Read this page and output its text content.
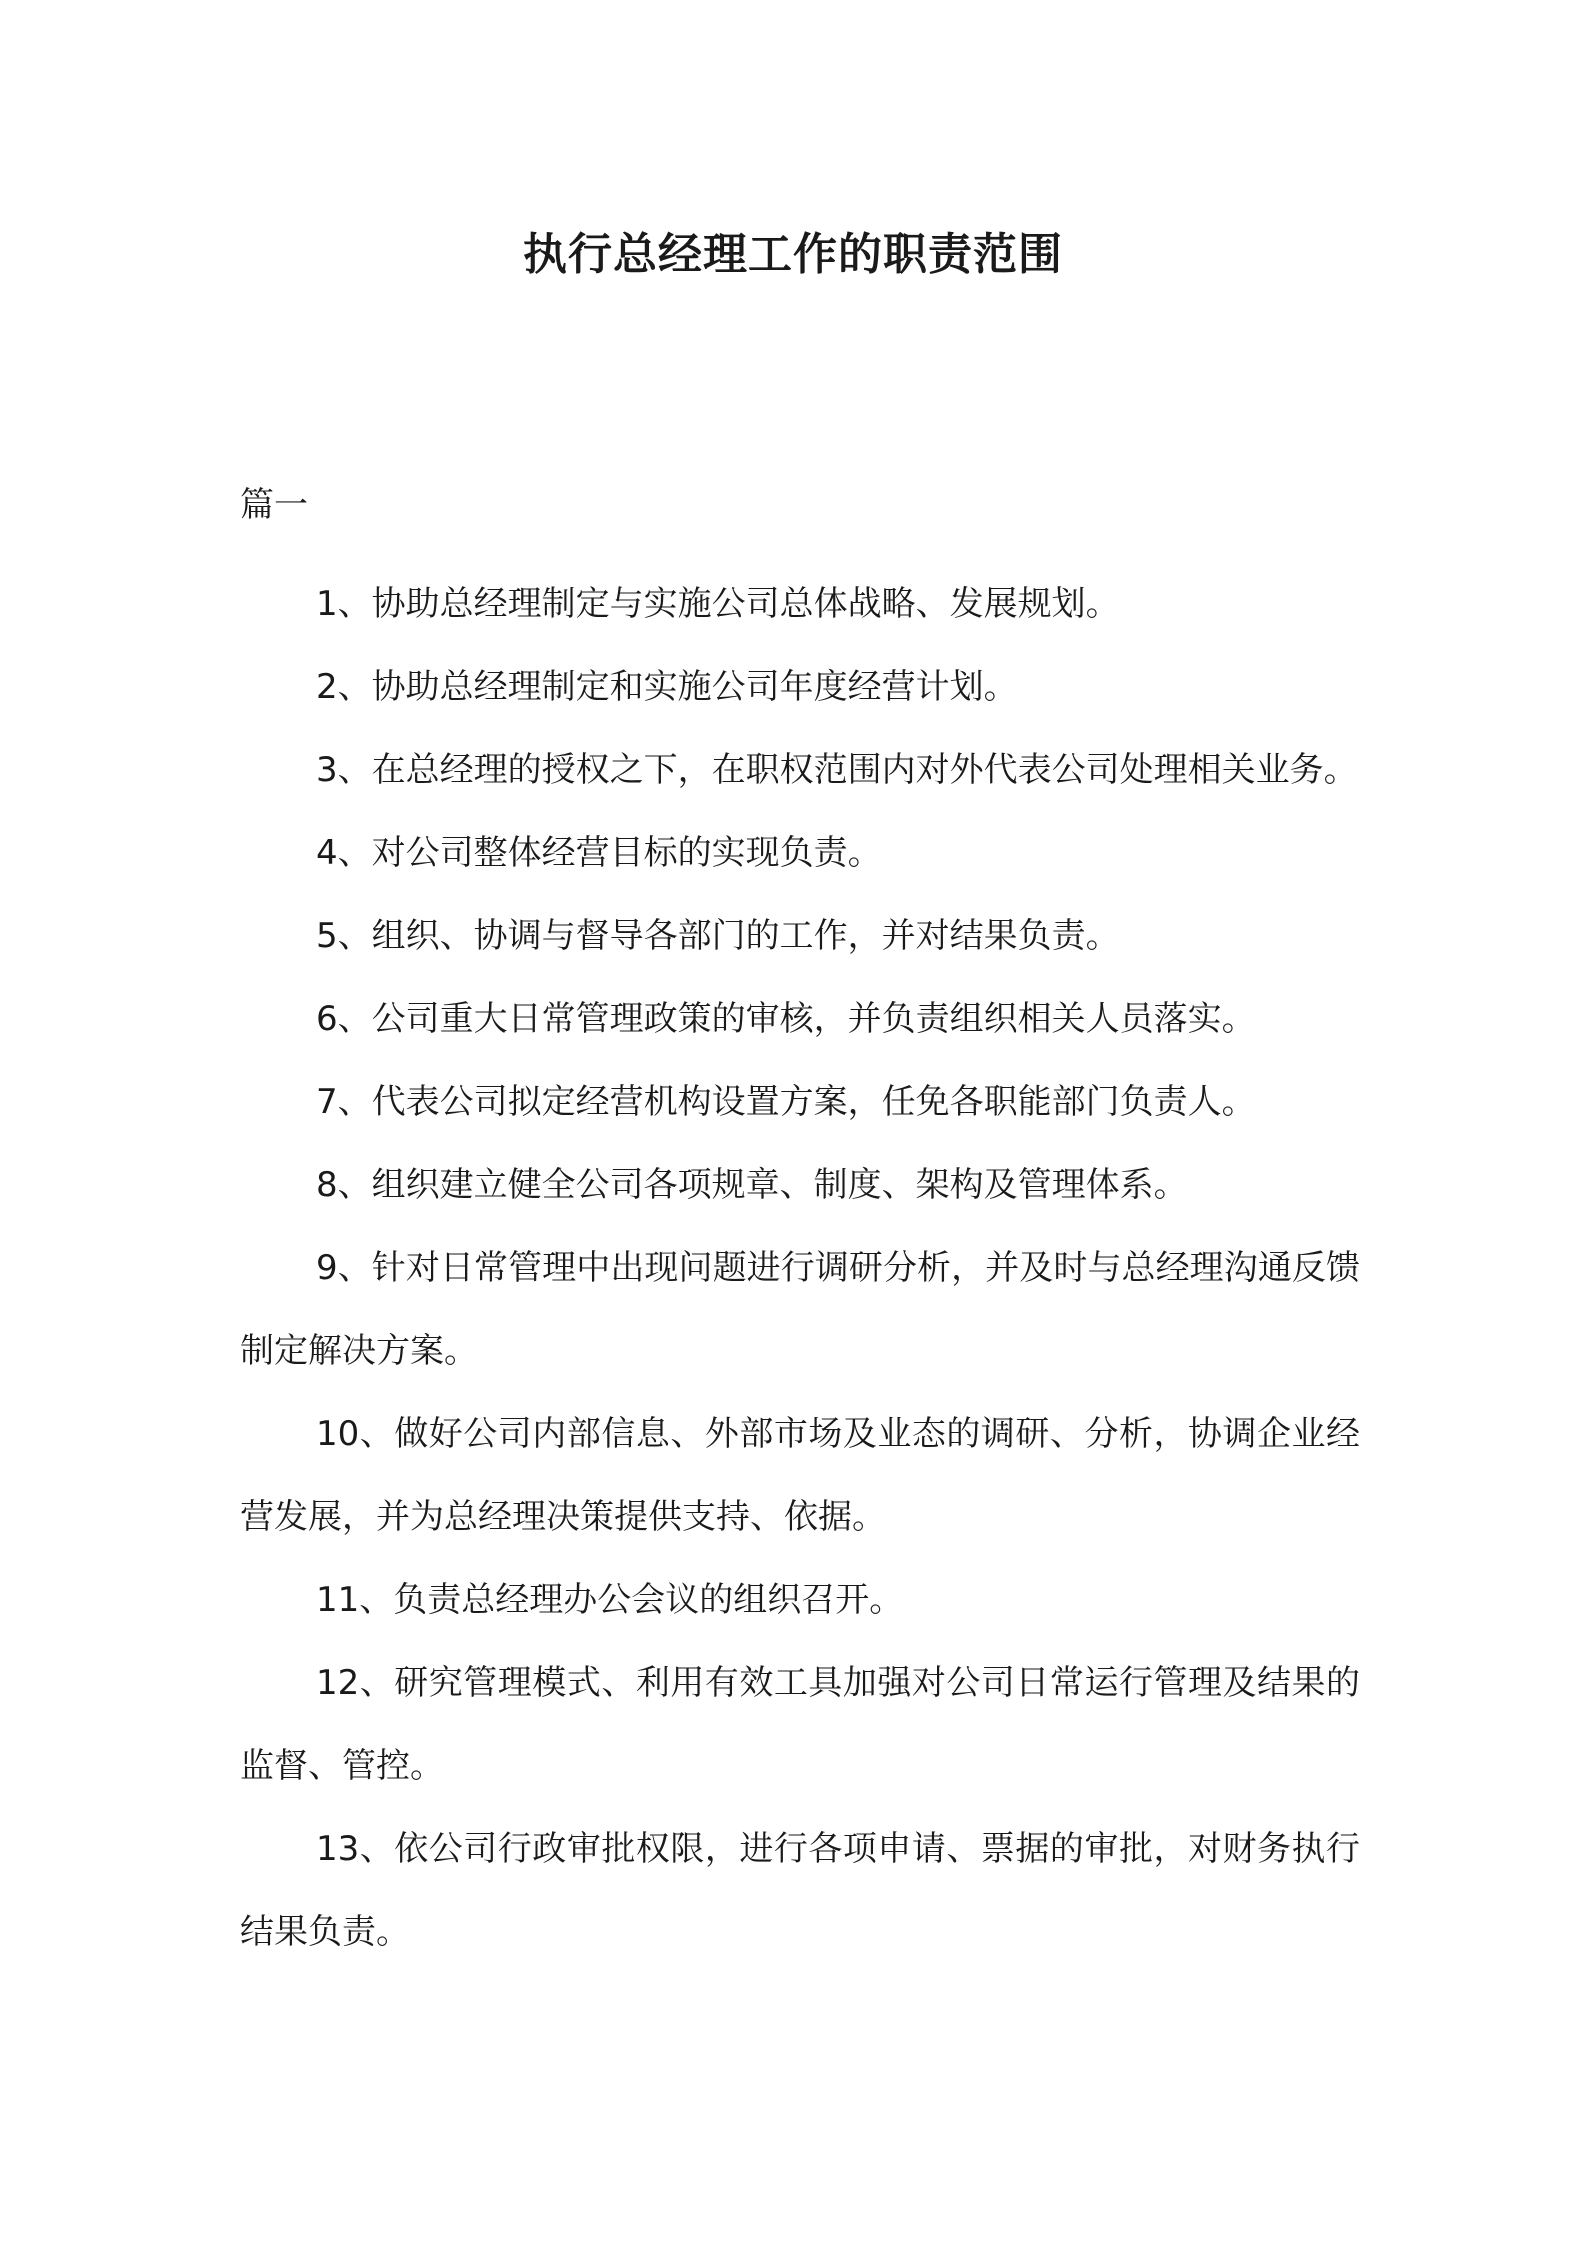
执行总经理工作的职责范围

篇一

1、协助总经理制定与实施公司总体战略、发展规划。

2、协助总经理制定和实施公司年度经营计划。

3、在总经理的授权之下，在职权范围内对外代表公司处理相关业务。

4、对公司整体经营目标的实现负责。

5、组织、协调与督导各部门的工作，并对结果负责。

6、公司重大日常管理政策的审核，并负责组织相关人员落实。

7、代表公司拟定经营机构设置方案，任免各职能部门负责人。

8、组织建立健全公司各项规章、制度、架构及管理体系。

9、针对日常管理中出现问题进行调研分析，并及时与总经理沟通反馈制定解决方案。

10、做好公司内部信息、外部市场及业态的调研、分析，协调企业经营发展，并为总经理决策提供支持、依据。

11、负责总经理办公会议的组织召开。

12、研究管理模式、利用有效工具加强对公司日常运行管理及结果的监督、管控。

13、依公司行政审批权限，进行各项申请、票据的审批，对财务执行结果负责。
